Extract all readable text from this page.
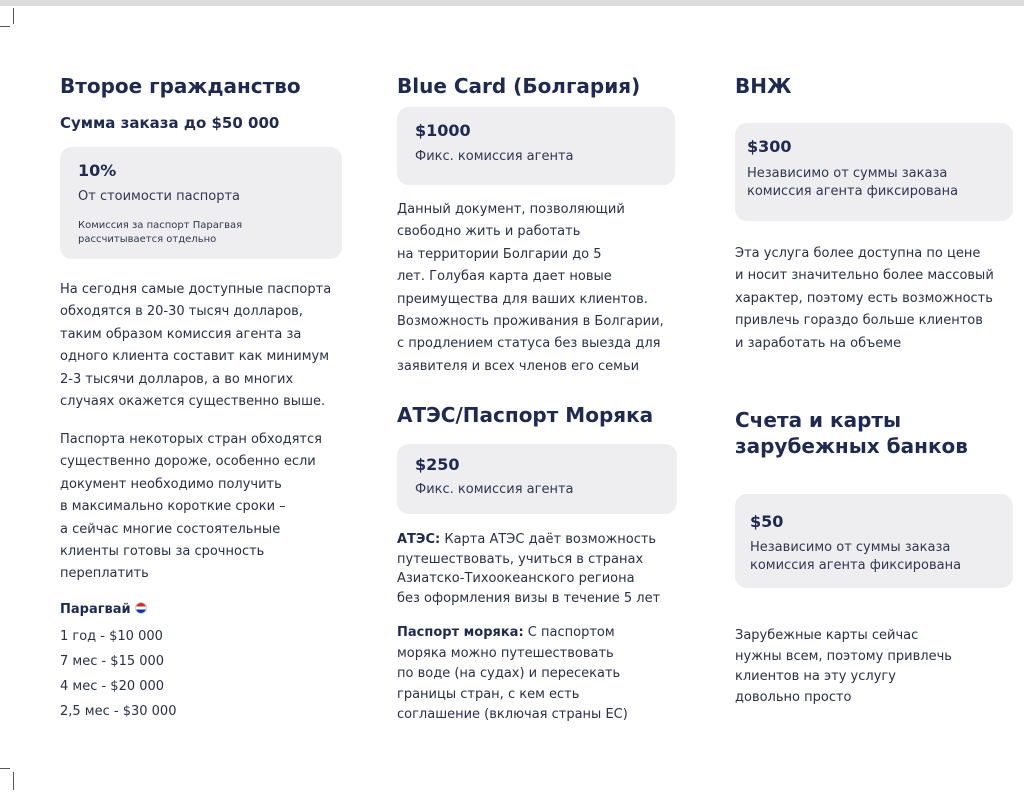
Второе гражданство
Сумма заказа до $50 000
10%
От стоимости паспорта
Комиссия за паспорт Парагвая
рассчитывается отдельно
На сегодня самые доступные паспорта
обходятся в 20-30 тысяч долларов,
таким образом комиссия агента за
одного клиента составит как минимум
2-3 тысячи долларов, а во многих
случаях окажется существенно выше.
Паспорта некоторых стран обходятся
существенно дороже, особенно если
документ необходимо получить
в максимально короткие сроки –
а сейчас многие состоятельные
клиенты готовы за срочность
переплатить
Парагвай
1 год - $10 000
7 мес - $15 000
4 мес - $20 000
2,5 мес - $30 000
Blue Card (Болгария)
$1000
Фикс. комиссия агента
Данный документ, позволяющий
свободно жить и работать
на территории Болгарии до 5
лет. Голубая карта дает новые
преимущества для ваших клиентов.
Возможность проживания в Болгарии,
с продлением статуса без выезда для
заявителя и всех членов его семьи
АТЭС/Паспорт Моряка
$250
Фикс. комиссия агента
АТЭС: Карта АТЭС даёт возможность
путешествовать, учиться в странах
Азиатско-Тихоокеанского региона
без оформления визы в течение 5 лет
Паспорт моряка: С паспортом
моряка можно путешествовать
по воде (на судах) и пересекать
границы стран, с кем есть
соглашение (включая страны ЕС)
ВНЖ
$300
Независимо от суммы заказа
комиссия агента фиксирована
Эта услуга более доступна по цене
и носит значительно более массовый
характер, поэтому есть возможность
привлечь гораздо больше клиентов
и заработать на объеме
Счета и карты
зарубежных банков
$50
Независимо от суммы заказа
комиссия агента фиксирована
Зарубежные карты сейчас
нужны всем, поэтому привлечь
клиентов на эту услугу
довольно просто
